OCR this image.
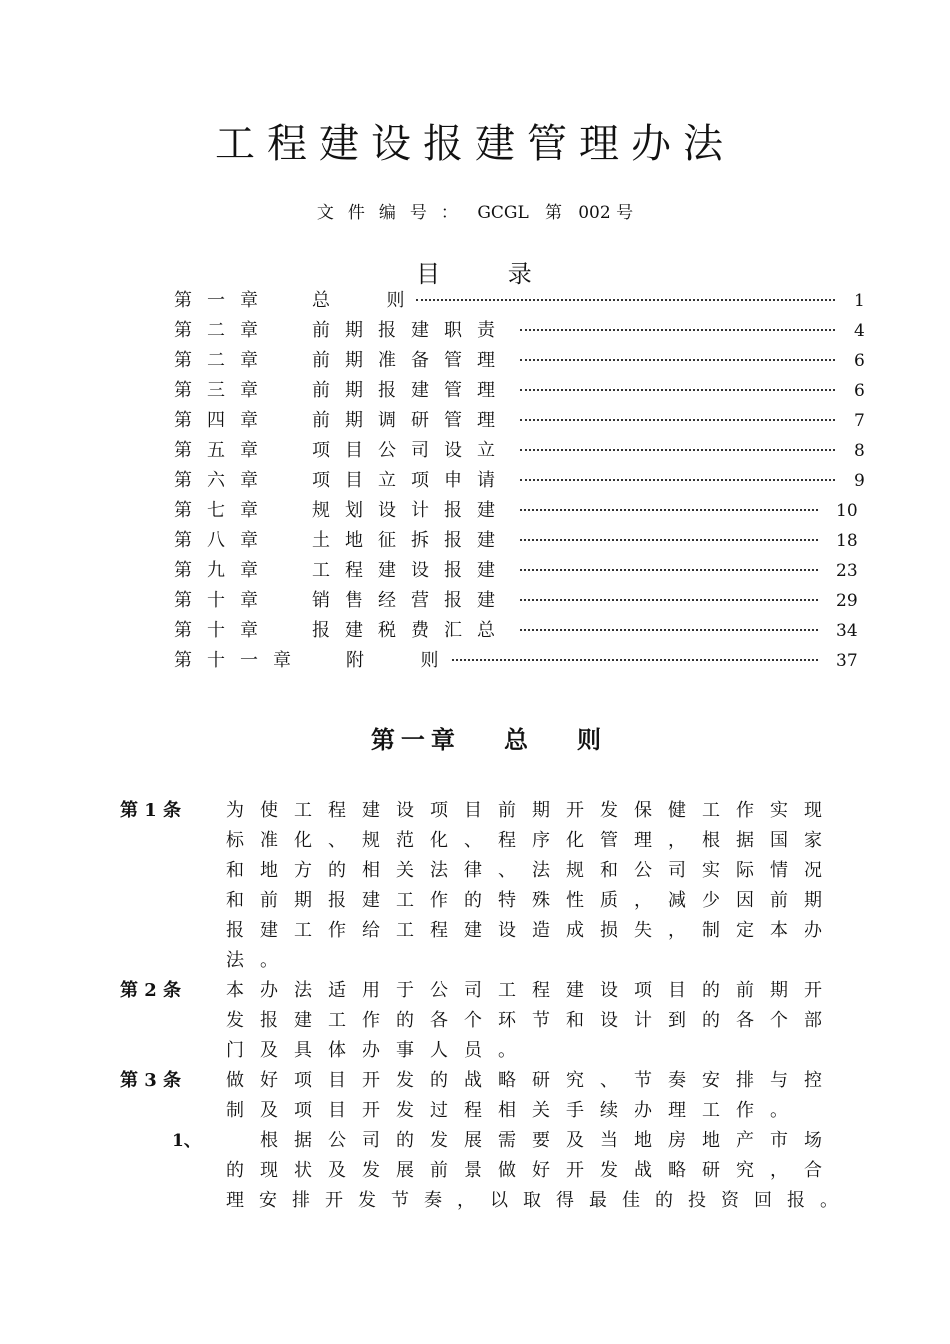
工程建设报建管理办法
文件编号： GCGL 第 002 号
目 录
第一章 总  则	1
第二章 前期报建职责	4
第二章 前期准备管理	6
第三章 前期报建管理	6
第四章 前期调研管理	7
第五章 项目公司设立	8
第六章 项目立项申请	9
第七章 规划设计报建	10
第八章 土地征拆报建	18
第九章 工程建设报建	23
第十章 销售经营报建	29
第十章 报建税费汇总	34
第十一章 附  则	37
第一章   总   则
第 1 条 为使工程建设项目前期开发保健工作实现
标准化、规范化、程序化管理，根据国家
和地方的相关法律、法规和公司实际情况
和前期报建工作的特殊性质，减少因前期
报建工作给工程建设造成损失，制定本办
法。
第 2 条 本办法适用于公司工程建设项目的前期开
发报建工作的各个环节和设计到的各个部
门及具体办事人员。
第 3 条 做好项目开发的战略研究、节奏安排与控
制及项目开发过程相关手续办理工作。
1、	根据公司的发展需要及当地房地产市场
的现状及发展前景做好开发战略研究，合
理安排开发节奏，以取得最佳的投资回报。
